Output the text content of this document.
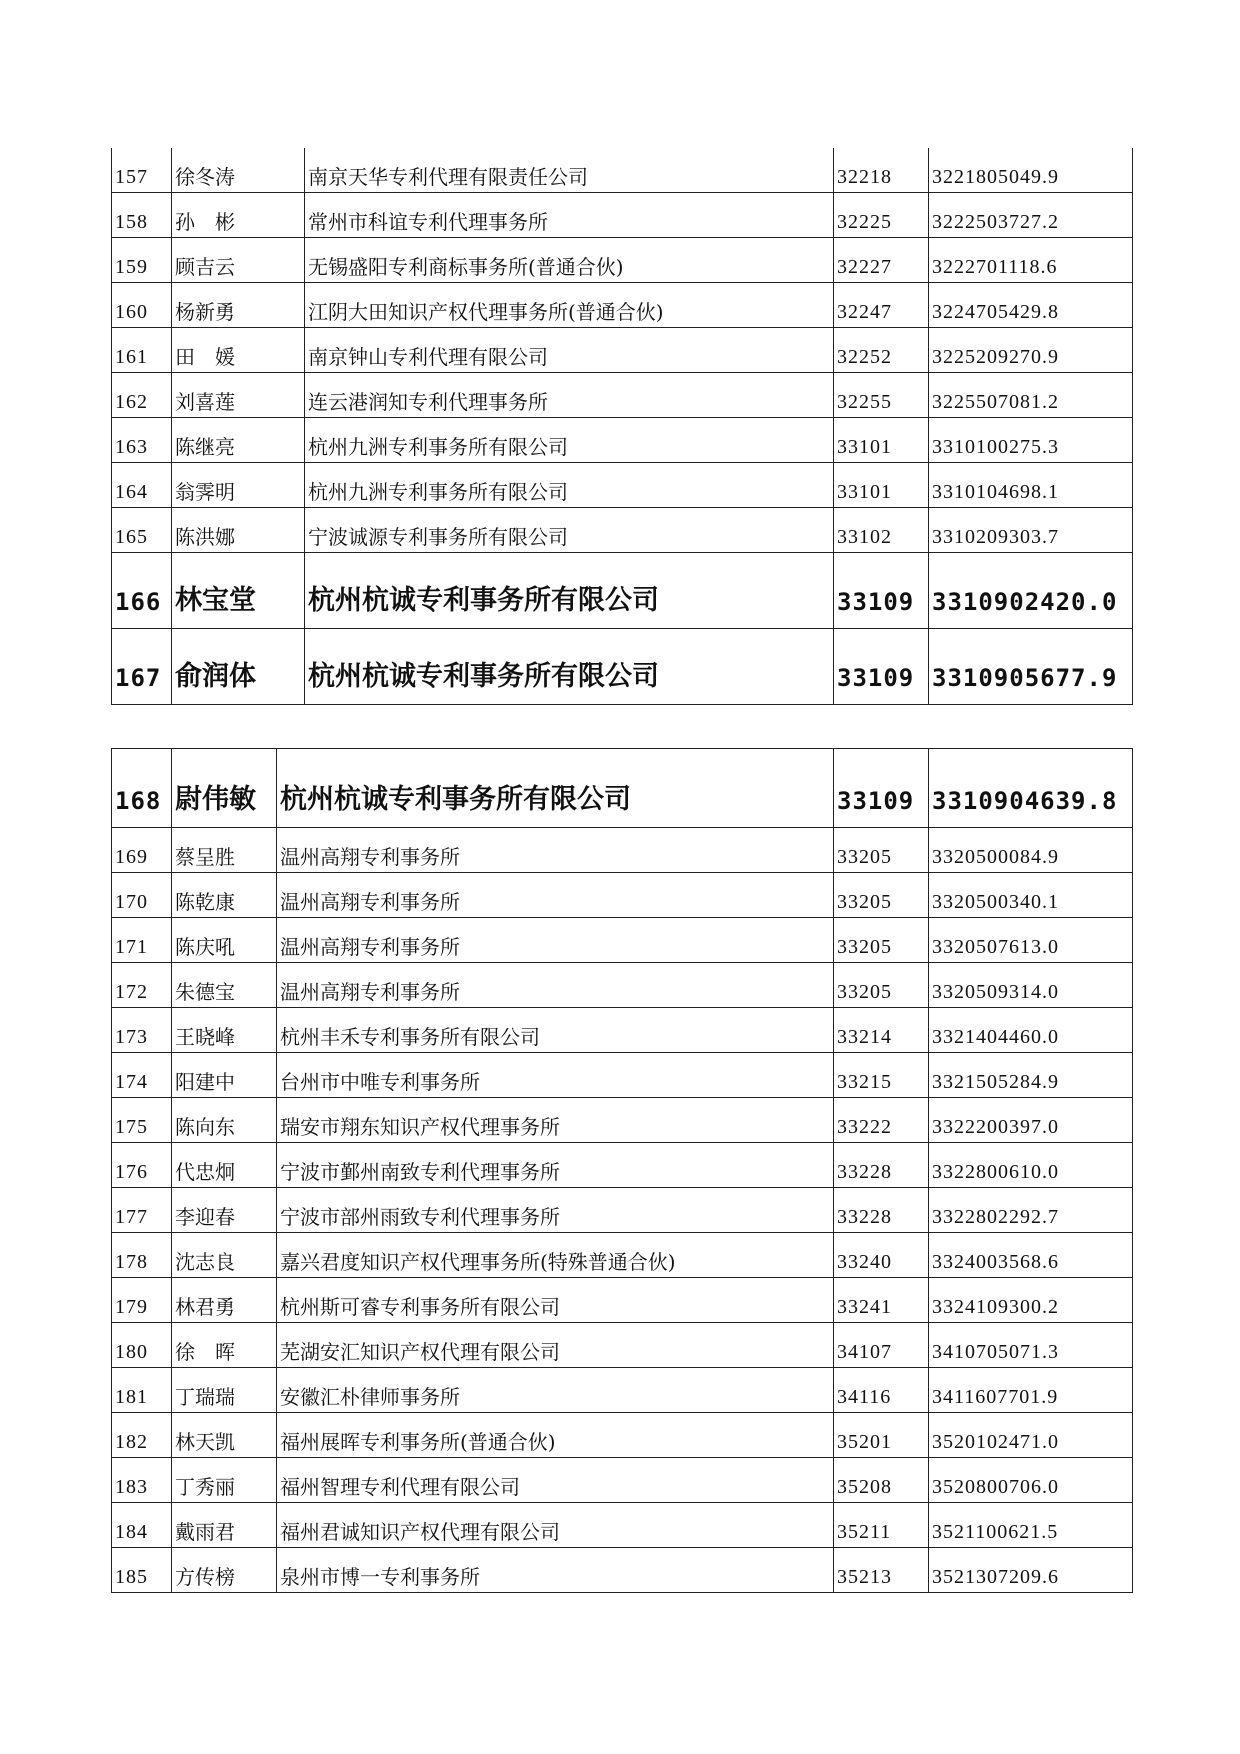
157	徐冬涛	南京天华专利代理有限责任公司	32218	3221805049.9
158	孙　彬	常州市科谊专利代理事务所	32225	3222503727.2
159	顾吉云	无锡盛阳专利商标事务所(普通合伙)	32227	3222701118.6
160	杨新勇	江阴大田知识产权代理事务所(普通合伙)	32247	3224705429.8
161	田　媛	南京钟山专利代理有限公司	32252	3225209270.9
162	刘喜莲	连云港润知专利代理事务所	32255	3225507081.2
163	陈继亮	杭州九洲专利事务所有限公司	33101	3310100275.3
164	翁霁明	杭州九洲专利事务所有限公司	33101	3310104698.1
165	陈洪娜	宁波诚源专利事务所有限公司	33102	3310209303.7
166	林宝堂	杭州杭诚专利事务所有限公司	33109	3310902420.0
167	俞润体	杭州杭诚专利事务所有限公司	33109	3310905677.9
168	尉伟敏	杭州杭诚专利事务所有限公司	33109	3310904639.8
169	蔡呈胜	温州高翔专利事务所	33205	3320500084.9
170	陈乾康	温州高翔专利事务所	33205	3320500340.1
171	陈庆吼	温州高翔专利事务所	33205	3320507613.0
172	朱德宝	温州高翔专利事务所	33205	3320509314.0
173	王晓峰	杭州丰禾专利事务所有限公司	33214	3321404460.0
174	阳建中	台州市中唯专利事务所	33215	3321505284.9
175	陈向东	瑞安市翔东知识产权代理事务所	33222	3322200397.0
176	代忠炯	宁波市鄞州南致专利代理事务所	33228	3322800610.0
177	李迎春	宁波市部州雨致专利代理事务所	33228	3322802292.7
178	沈志良	嘉兴君度知识产权代理事务所(特殊普通合伙)	33240	3324003568.6
179	林君勇	杭州斯可睿专利事务所有限公司	33241	3324109300.2
180	徐　晖	芜湖安汇知识产权代理有限公司	34107	3410705071.3
181	丁瑞瑞	安徽汇朴律师事务所	34116	3411607701.9
182	林天凯	福州展晖专利事务所(普通合伙)	35201	3520102471.0
183	丁秀丽	福州智理专利代理有限公司	35208	3520800706.0
184	戴雨君	福州君诚知识产权代理有限公司	35211	3521100621.5
185	方传榜	泉州市博一专利事务所	35213	3521307209.6
